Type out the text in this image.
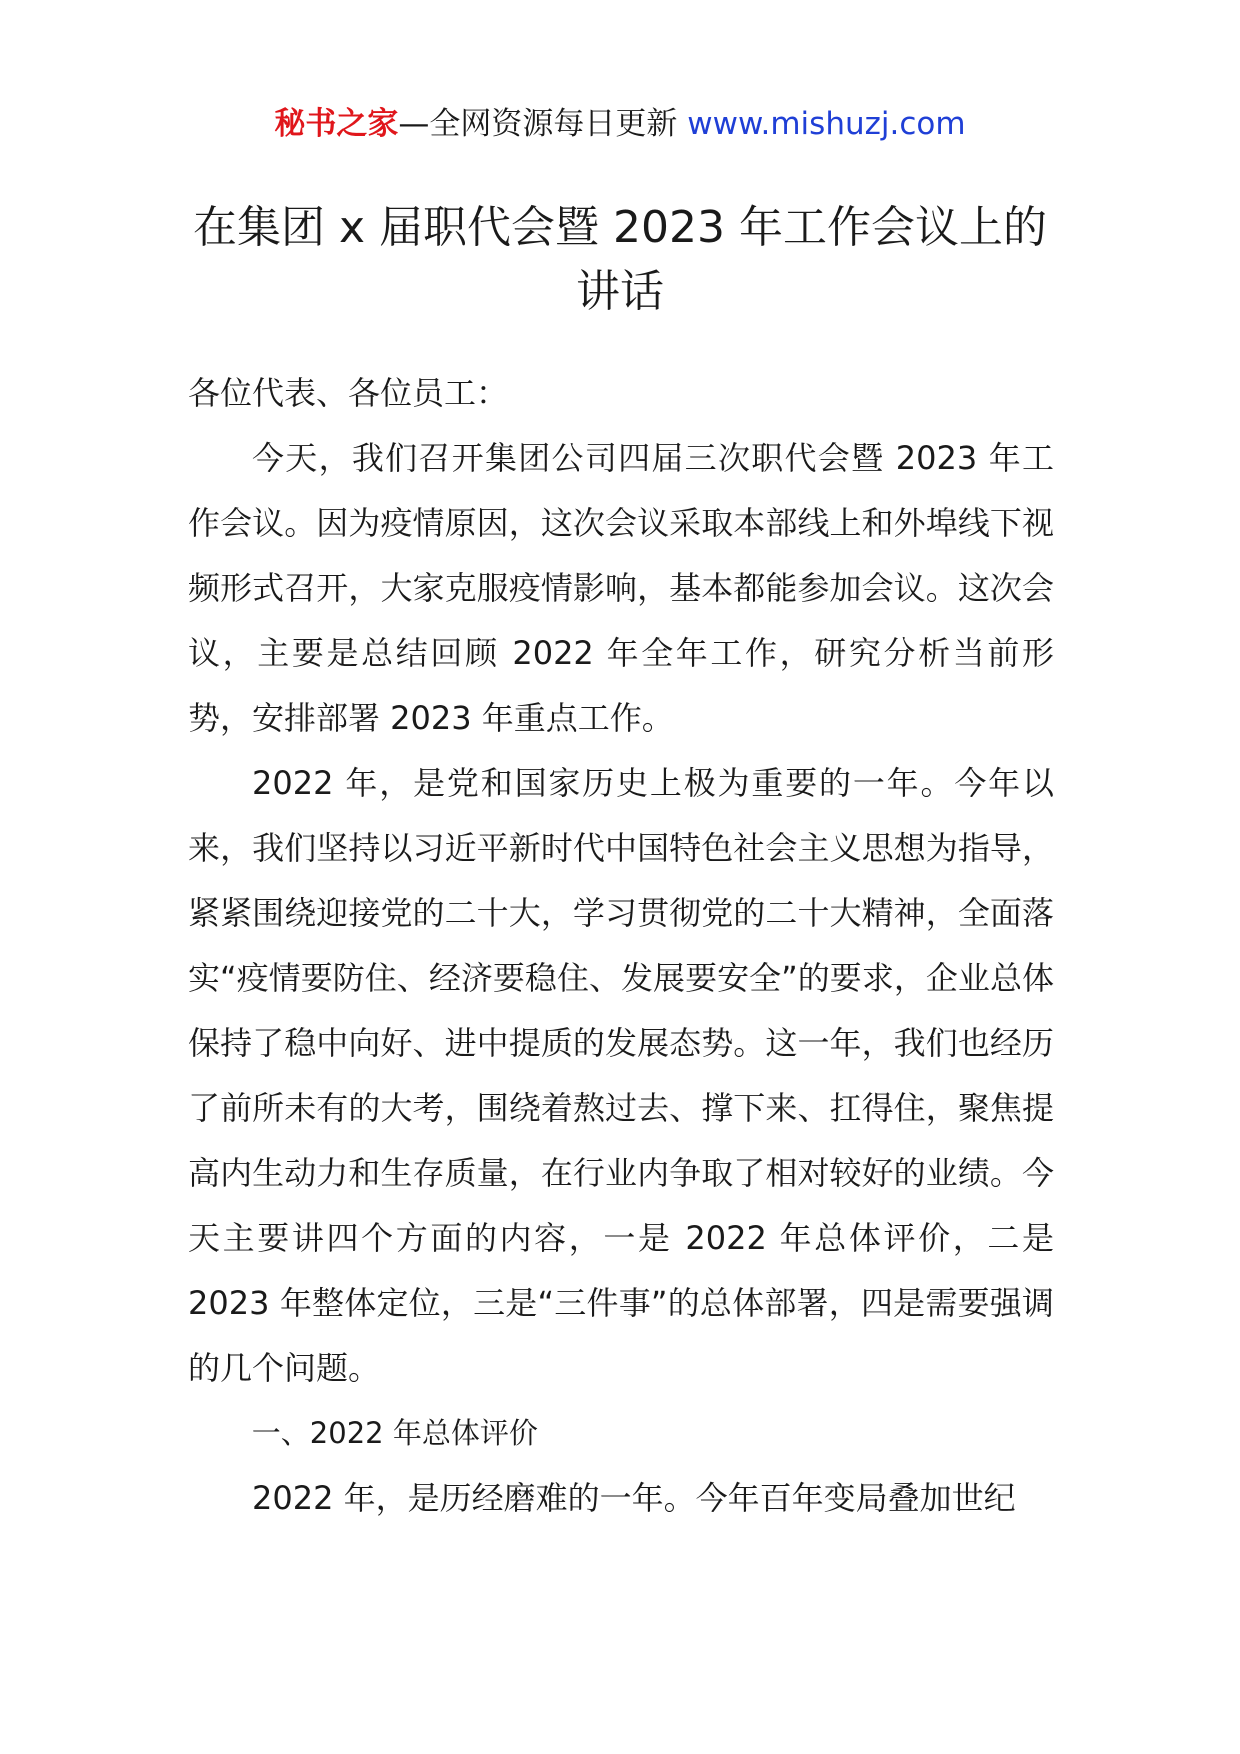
秘书之家—全网资源每日更新 www.mishuzj.com
在集团 x 届职代会暨 2023 年工作会议上的讲话

各位代表、各位员工：

今天，我们召开集团公司四届三次职代会暨 2023 年工作会议。因为疫情原因，这次会议采取本部线上和外埠线下视频形式召开，大家克服疫情影响，基本都能参加会议。这次会议，主要是总结回顾 2022 年全年工作，研究分析当前形势，安排部署 2023 年重点工作。

2022 年，是党和国家历史上极为重要的一年。今年以来，我们坚持以习近平新时代中国特色社会主义思想为指导，紧紧围绕迎接党的二十大，学习贯彻党的二十大精神，全面落实“疫情要防住、经济要稳住、发展要安全”的要求，企业总体保持了稳中向好、进中提质的发展态势。这一年，我们也经历了前所未有的大考，围绕着熬过去、撑下来、扛得住，聚焦提高内生动力和生存质量，在行业内争取了相对较好的业绩。今天主要讲四个方面的内容，一是 2022 年总体评价，二是 2023 年整体定位，三是“三件事”的总体部署，四是需要强调的几个问题。

一、2022 年总体评价

2022 年，是历经磨难的一年。今年百年变局叠加世纪
